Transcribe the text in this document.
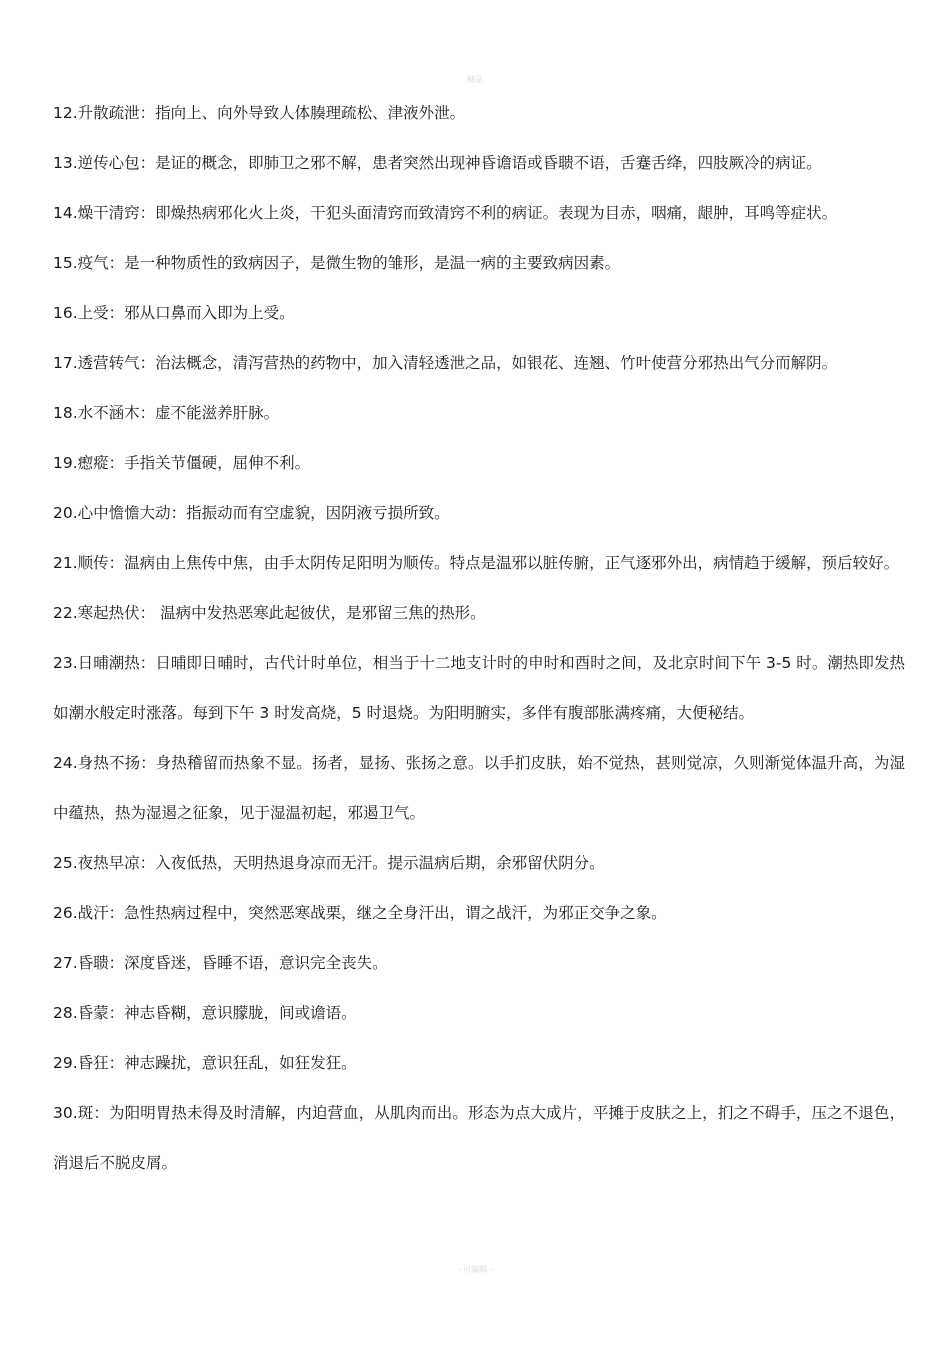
精品
12.升散疏泄：指向上、向外导致人体腠理疏松、津液外泄。
13.逆传心包：是证的概念，即肺卫之邪不解，患者突然出现神昏谵语或昏聩不语，舌蹇舌绛，四肢厥冷的病证。
14.燥干清窍：即燥热病邪化火上炎，干犯头面清窍而致清窍不利的病证。表现为目赤，咽痛，龈肿，耳鸣等症状。
15.疫气：是一种物质性的致病因子，是微生物的雏形，是温一病的主要致病因素。
16.上受：邪从口鼻而入即为上受。
17.透营转气：治法概念，清泻营热的药物中，加入清轻透泄之品，如银花、连翘、竹叶使营分邪热出气分而解阴。
18.水不涵木：虚不能滋养肝脉。
19.瘛瘲：手指关节僵硬，屈伸不利。
20.心中憺憺大动：指振动而有空虚貌，因阴液亏损所致。
21.顺传：温病由上焦传中焦，由手太阴传足阳明为顺传。特点是温邪以脏传腑，正气逐邪外出，病情趋于缓解，预后较好。
22.寒起热伏： 温病中发热恶寒此起彼伏，是邪留三焦的热形。
23.日晡潮热：日晡即日晡时，古代计时单位，相当于十二地支计时的申时和酉时之间，及北京时间下午 3-5 时。潮热即发热如潮水般定时涨落。每到下午 3 时发高烧，5 时退烧。为阳明腑实，多伴有腹部胀满疼痛，大便秘结。
24.身热不扬：身热稽留而热象不显。扬者，显扬、张扬之意。以手扪皮肤，始不觉热，甚则觉凉，久则渐觉体温升高，为湿中蕴热，热为湿遏之征象，见于湿温初起，邪遏卫气。
25.夜热早凉：入夜低热，天明热退身凉而无汗。提示温病后期，余邪留伏阴分。
26.战汗：急性热病过程中，突然恶寒战栗，继之全身汗出，谓之战汗，为邪正交争之象。
27.昏聩：深度昏迷，昏睡不语，意识完全丧失。
28.昏蒙：神志昏糊，意识朦胧，间或谵语。
29.昏狂：神志躁扰，意识狂乱，如狂发狂。
30.斑：为阳明胃热未得及时清解，内迫营血，从肌肉而出。形态为点大成片，平摊于皮肤之上，扪之不碍手，压之不退色，消退后不脱皮屑。
- 可编辑 -
